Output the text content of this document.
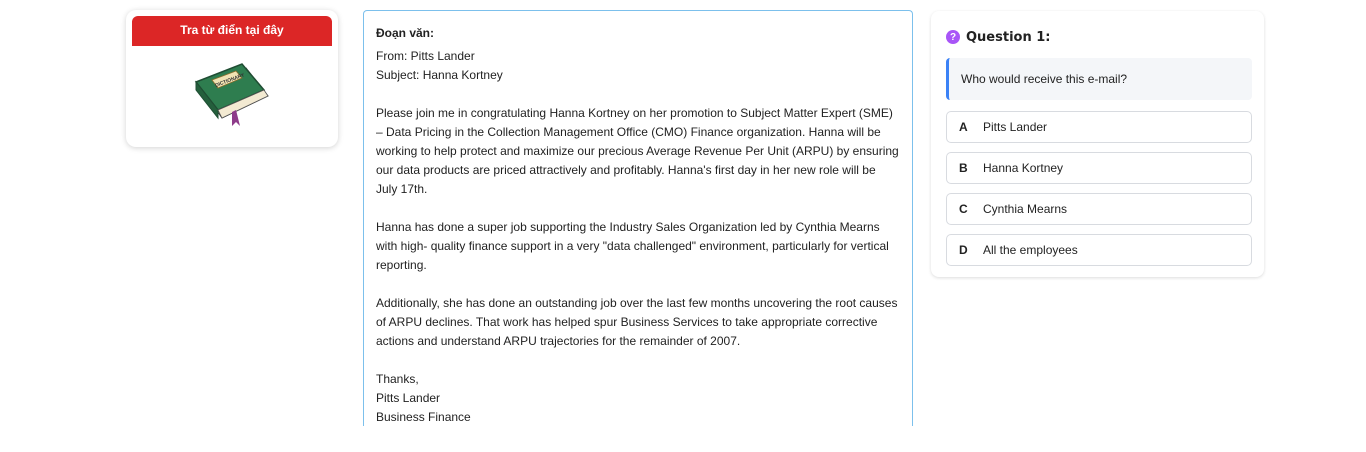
Tra từ điển tại đây
DICTIONARY
Đoạn văn:

From: Pitts Lander
Subject: Hanna Kortney

Please join me in congratulating Hanna Kortney on her promotion to Subject Matter Expert (SME) – Data Pricing in the Collection Management Office (CMO) Finance organization. Hanna will be working to help protect and maximize our precious Average Revenue Per Unit (ARPU) by ensuring our data products are priced attractively and profitably. Hanna's first day in her new role will be July 17th.

Hanna has done a super job supporting the Industry Sales Organization led by Cynthia Mearns with high- quality finance support in a very "data challenged" environment, particularly for vertical reporting.

Additionally, she has done an outstanding job over the last few months uncovering the root causes of ARPU declines. That work has helped spur Business Services to take appropriate corrective actions and understand ARPU trajectories for the remainder of 2007.

Thanks,
Pitts Lander
Business Finance

? Question 1:
Who would receive this e-mail?
A	Pitts Lander
B	Hanna Kortney
C	Cynthia Mearns
D	All the employees
